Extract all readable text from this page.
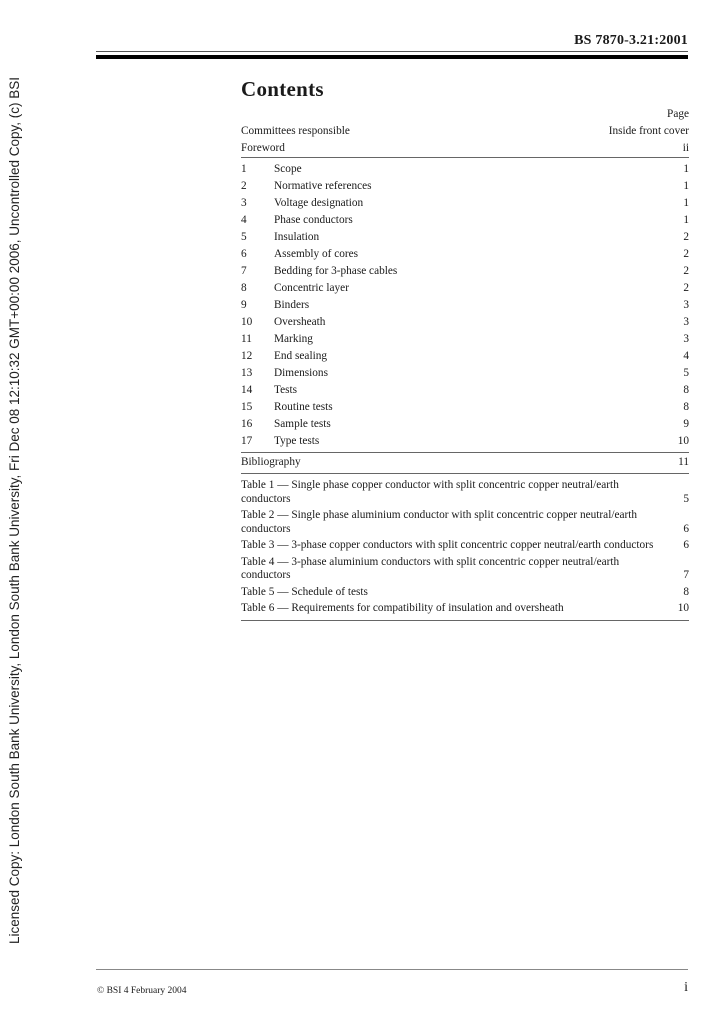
Licensed Copy: London South Bank University, London South Bank University, Fri Dec 08 12:10:32 GMT+00:00 2006, Uncontrolled Copy, (c) BSI
BS 7870-3.21:2001
Contents
Page
Committees responsible	Inside front cover
Foreword	ii
1 Scope	1
2 Normative references	1
3 Voltage designation	1
4 Phase conductors	1
5 Insulation	2
6 Assembly of cores	2
7 Bedding for 3-phase cables	2
8 Concentric layer	2
9 Binders	3
10 Oversheath	3
11 Marking	3
12 End sealing	4
13 Dimensions	5
14 Tests	8
15 Routine tests	8
16 Sample tests	9
17 Type tests	10
Bibliography	11
Table 1 — Single phase copper conductor with split concentric copper neutral/earth conductors	5
Table 2 — Single phase aluminium conductor with split concentric copper neutral/earth conductors	6
Table 3 — 3-phase copper conductors with split concentric copper neutral/earth conductors	6
Table 4 — 3-phase aluminium conductors with split concentric copper neutral/earth conductors	7
Table 5 — Schedule of tests	8
Table 6 — Requirements for compatibility of insulation and oversheath	10
© BSI 4 February 2004	i
